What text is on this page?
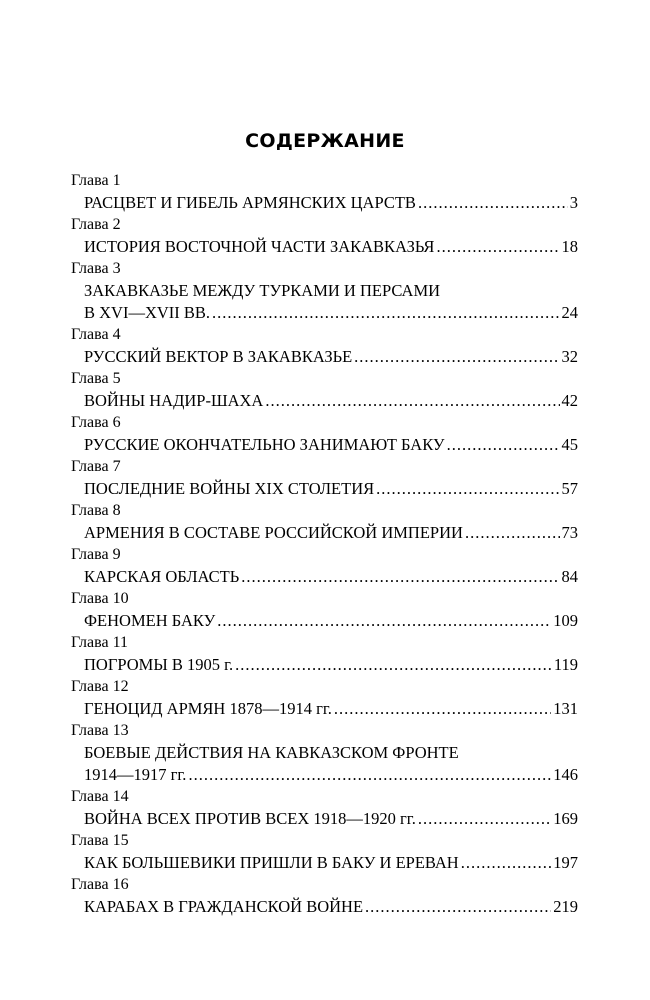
СОДЕРЖАНИЕ
Глава 1
РАСЦВЕТ И ГИБЕЛЬ АРМЯНСКИХ ЦАРСТВ .....	3
Глава 2
ИСТОРИЯ ВОСТОЧНОЙ ЧАСТИ ЗАКАВКАЗЬЯ .....	18
Глава 3
ЗАКАВКАЗЬЕ МЕЖДУ ТУРКАМИ И ПЕРСАМИ
В XVI—XVII ВВ. .....	24
Глава 4
РУССКИЙ ВЕКТОР В ЗАКАВКАЗЬЕ .....	32
Глава 5
ВОЙНЫ НАДИР-ШАХА .....	42
Глава 6
РУССКИЕ ОКОНЧАТЕЛЬНО ЗАНИМАЮТ БАКУ .....	45
Глава 7
ПОСЛЕДНИЕ ВОЙНЫ XIX СТОЛЕТИЯ .....	57
Глава 8
АРМЕНИЯ В СОСТАВЕ РОССИЙСКОЙ ИМПЕРИИ .....	73
Глава 9
КАРСКАЯ ОБЛАСТЬ .....	84
Глава 10
ФЕНОМЕН БАКУ .....	109
Глава 11
ПОГРОМЫ В 1905 г. .....	119
Глава 12
ГЕНОЦИД АРМЯН 1878—1914 гг. .....	131
Глава 13
БОЕВЫЕ ДЕЙСТВИЯ НА КАВКАЗСКОМ ФРОНТЕ
1914—1917 гг. .....	146
Глава 14
ВОЙНА ВСЕХ ПРОТИВ ВСЕХ 1918—1920 гг. .....	169
Глава 15
КАК БОЛЬШЕВИКИ ПРИШЛИ В БАКУ И ЕРЕВАН .....	197
Глава 16
КАРАБАХ В ГРАЖДАНСКОЙ ВОЙНЕ .....	219
